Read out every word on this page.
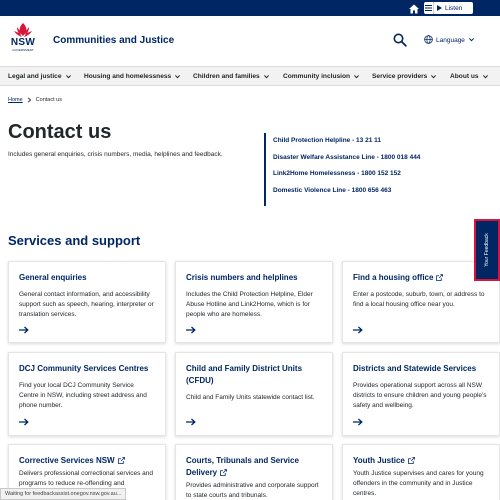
Listen
NSW
GOVERNMENT
Communities and Justice	Language
Legal and justice	Housing and homelessness	Children and families	Community inclusion	Service providers	About us
Home Contact us
Contact us

Includes general enquiries, crisis numbers, media, helplines and feedback.

Child Protection Helpline - 13 21 11
Disaster Welfare Assistance Line - 1800 018 444
Link2Home Homelessness - 1800 152 152
Domestic Violence Line - 1800 656 463
Services and support
General enquiries
General contact information, and accessibility support such as speech, hearing, interpreter or translation services.
Crisis numbers and helplines
Includes the Child Protection Helpline, Elder Abuse Hotline and Link2Home, which is for people who are homeless.
Find a housing office
Enter a postcode, suburb, town, or address to find a local housing office near you.
DCJ Community Services Centres
Find your local DCJ Community Service Centre in NSW, including street address and phone number.
Child and Family District Units (CFDU)
Child and Family Units statewide contact list.
Districts and Statewide Services
Provides operational support across all NSW districts to ensure children and young people's safety and wellbeing.
Corrective Services NSW
Delivers professional correctional services and programs to reduce re-offending and
Courts, Tribunals and Service Delivery
Provides administrative and corporate support to state courts and tribunals.
Youth Justice
Youth Justice supervises and cares for young offenders in the community and in Justice centres.
Your Feedback
Waiting for feedbackassist.onegov.nsw.gov.au...
